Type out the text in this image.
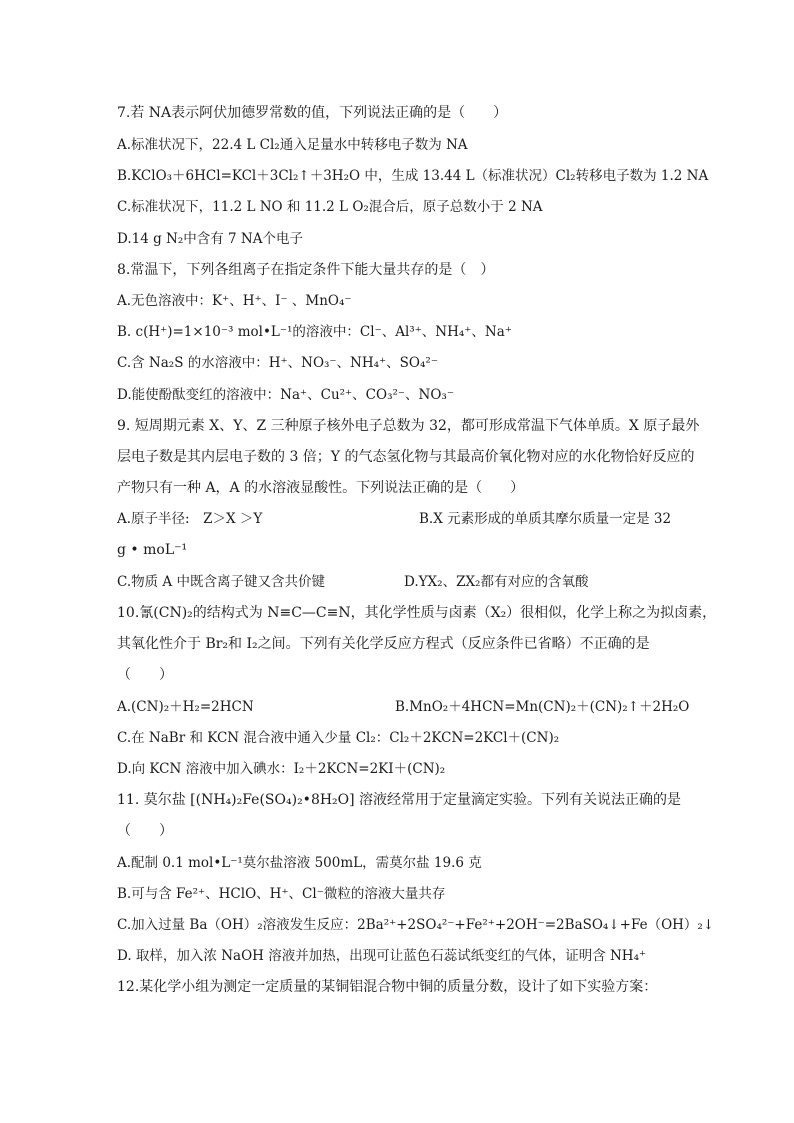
7.若 NA表示阿伏加德罗常数的值，下列说法正确的是（　　）
A.标准状况下，22.4 L Cl₂通入足量水中转移电子数为 NA
B.KClO₃＋6HCl=KCl＋3Cl₂↑＋3H₂O 中，生成 13.44 L（标准状况）Cl₂转移电子数为 1.2 NA
C.标准状况下，11.2 L NO 和 11.2 L O₂混合后，原子总数小于 2 NA
D.14 g N₂中含有 7 NA个电子
8.常温下，下列各组离子在指定条件下能大量共存的是（　）
A.无色溶液中：K⁺、H⁺、I⁻ 、MnO₄⁻
B. c(H⁺)=1×10⁻³ mol•L⁻¹的溶液中：Cl⁻、Al³⁺、NH₄⁺、Na⁺
C.含 Na₂S 的水溶液中：H⁺、NO₃⁻、NH₄⁺、SO₄²⁻
D.能使酚酞变红的溶液中：Na⁺、Cu²⁺、CO₃²⁻、NO₃⁻
9. 短周期元素 X、Y、Z 三种原子核外电子总数为 32，都可形成常温下气体单质。X 原子最外
层电子数是其内层电子数的 3 倍；Y 的气态氢化物与其最高价氧化物对应的水化物恰好反应的
产物只有一种 A，A 的水溶液显酸性。下列说法正确的是（　　）
A.原子半径:　Z＞X ＞Y	B.X 元素形成的单质其摩尔质量一定是 32
g • moL⁻¹
C.物质 A 中既含离子键又含共价键	D.YX₂、ZX₂都有对应的含氧酸
10.氰(CN)₂的结构式为 N≡C—C≡N，其化学性质与卤素（X₂）很相似，化学上称之为拟卤素，
其氧化性介于 Br₂和 I₂之间。下列有关化学反应方程式（反应条件已省略）不正确的是
（　　）
A.(CN)₂＋H₂=2HCN	B.MnO₂＋4HCN=Mn(CN)₂＋(CN)₂↑＋2H₂O
C.在 NaBr 和 KCN 混合液中通入少量 Cl₂：Cl₂＋2KCN=2KCl＋(CN)₂
D.向 KCN 溶液中加入碘水：I₂＋2KCN=2KI＋(CN)₂
11. 莫尔盐 [(NH₄)₂Fe(SO₄)₂•8H₂O] 溶液经常用于定量滴定实验。下列有关说法正确的是
（　　）
A.配制 0.1 mol•L⁻¹莫尔盐溶液 500mL，需莫尔盐 19.6 克
B.可与含 Fe²⁺、HClO、H⁺、Cl⁻微粒的溶液大量共存
C.加入过量 Ba（OH）₂溶液发生反应：2Ba²⁺+2SO₄²⁻+Fe²⁺+2OH⁻=2BaSO₄↓+Fe（OH）₂↓
D. 取样，加入浓 NaOH 溶液并加热，出现可让蓝色石蕊试纸变红的气体，证明含 NH₄⁺
12.某化学小组为测定一定质量的某铜铝混合物中铜的质量分数，设计了如下实验方案：
